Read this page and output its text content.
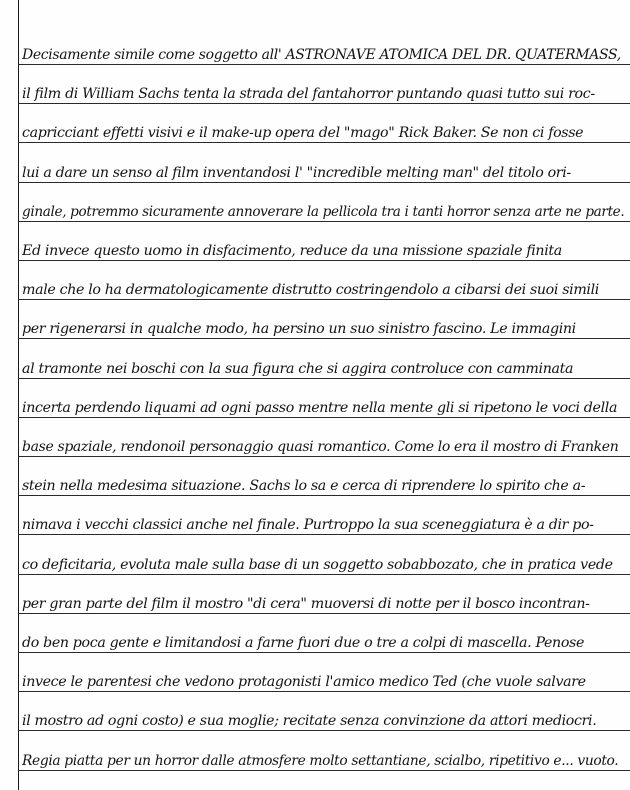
Decisamente simile come soggetto all' ASTRONAVE ATOMICA DEL DR. QUATERMASS,
il film di William Sachs tenta la strada del fantahorror puntando quasi tutto sui roc-
capricciant effetti visivi e il make-up opera del "mago" Rick Baker. Se non ci fosse
lui a dare un senso al film inventandosi l' "incredible melting man" del titolo ori-
ginale, potremmo sicuramente annoverare la pellicola tra i tanti horror senza arte ne parte.
Ed invece questo uomo in disfacimento, reduce da una missione spaziale finita
male che lo ha dermatologicamente distrutto costringendolo a cibarsi dei suoi simili
per rigenerarsi in qualche modo, ha persino un suo sinistro fascino. Le immagini
al tramonte nei boschi con la sua figura che si aggira controluce con camminata
incerta perdendo liquami ad ogni passo mentre nella mente gli si ripetono le voci della
base spaziale, rendonoil personaggio quasi romantico. Come lo era il mostro di Franken
stein nella medesima situazione. Sachs lo sa e cerca di riprendere lo spirito che a-
nimava i vecchi classici anche nel finale. Purtroppo la sua sceneggiatura è a dir po-
co deficitaria, evoluta male sulla base di un soggetto sobabbozato, che in pratica vede
per gran parte del film il mostro "di cera" muoversi di notte per il bosco incontran-
do ben poca gente e limitandosi a farne fuori due o tre a colpi di mascella. Penose
invece le parentesi che vedono protagonisti l'amico medico Ted (che vuole salvare
il mostro ad ogni costo) e sua moglie; recitate senza convinzione da attori mediocri.
Regia piatta per un horror dalle atmosfere molto settantiane, scialbo, ripetitivo e... vuoto.
